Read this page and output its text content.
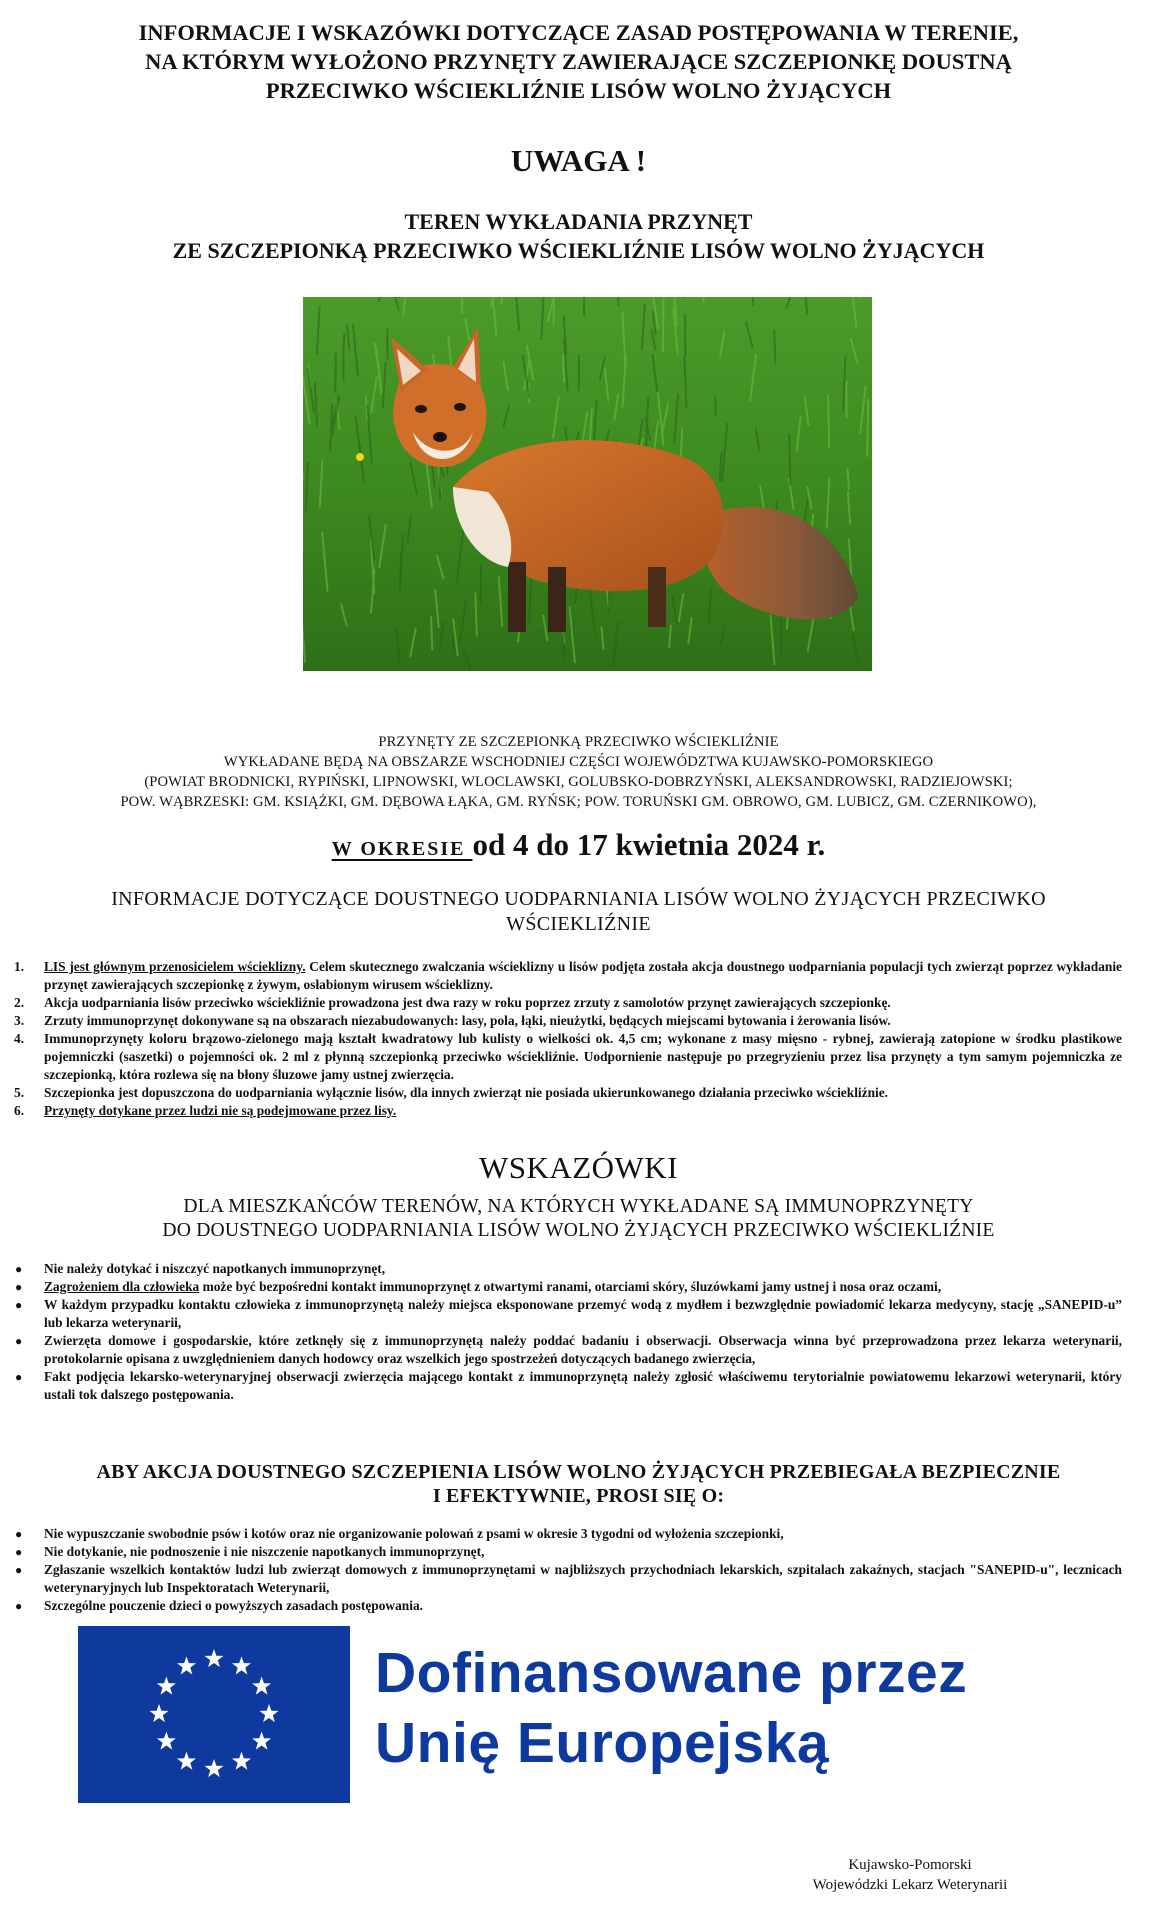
INFORMACJE I WSKAZÓWKI DOTYCZĄCE ZASAD POSTĘPOWANIA W TERENIE,
NA KTÓRYM WYŁOŻONO PRZYNĘTY ZAWIERAJĄCE SZCZEPIONKĘ DOUSTNĄ
PRZECIWKO WŚCIEKLIŹNIE LISÓW WOLNO ŻYJĄCYCH
UWAGA !
TEREN WYKŁADANIA PRZYNĘT
ZE SZCZEPIONKĄ PRZECIWKO WŚCIEKLIŹNIE LISÓW WOLNO ŻYJĄCYCH
PRZYNĘTY ZE SZCZEPIONKĄ PRZECIWKO WŚCIEKLIŹNIE
WYKŁADANE BĘDĄ NA OBSZARZE WSCHODNIEJ CZĘŚCI WOJEWÓDZTWA KUJAWSKO-POMORSKIEGO
(POWIAT BRODNICKI, RYPIŃSKI, LIPNOWSKI, WLOCLAWSKI, GOLUBSKO-DOBRZYŃSKI, ALEKSANDROWSKI, RADZIEJOWSKI;
POW. WĄBRZESKI: GM. KSIĄŻKI, GM. DĘBOWA ŁĄKA, GM. RYŃSK; POW. TORUŃSKI GM. OBROWO, GM. LUBICZ, GM. CZERNIKOWO),
W OKRESIE od 4 do 17 kwietnia 2024 r.
INFORMACJE DOTYCZĄCE DOUSTNEGO UODPARNIANIA LISÓW WOLNO ŻYJĄCYCH PRZECIWKO
WŚCIEKLIŹNIE
1. LIS jest głównym przenosicielem wścieklizny. Celem skutecznego zwalczania wścieklizny u lisów podjęta została akcja doustnego uodparniania populacji tych zwierząt poprzez wykładanie przynęt zawierających szczepionkę z żywym, osłabionym wirusem wścieklizny.
2. Akcja uodparniania lisów przeciwko wściekliźnie prowadzona jest dwa razy w roku poprzez zrzuty z samolotów przynęt zawierających szczepionkę.
3. Zrzuty immunoprzynęt dokonywane są na obszarach niezabudowanych: lasy, pola, łąki, nieużytki, będących miejscami bytowania i żerowania lisów.
4. Immunoprzynęty koloru brązowo-zielonego mają kształt kwadratowy lub kulisty o wielkości ok. 4,5 cm; wykonane z masy mięsno - rybnej, zawierają zatopione w środku plastikowe pojemniczki (saszetki) o pojemności ok. 2 ml z płynną szczepionką przeciwko wściekliźnie. Uodpornienie następuje po przegryzieniu przez lisa przynęty a tym samym pojemniczka ze szczepionką, która rozlewa się na błony śluzowe jamy ustnej zwierzęcia.
5. Szczepionka jest dopuszczona do uodparniania wyłącznie lisów, dla innych zwierząt nie posiada ukierunkowanego działania przeciwko wściekliźnie.
6. Przynęty dotykane przez ludzi nie są podejmowane przez lisy.
WSKAZÓWKI
DLA MIESZKAŃCÓW TERENÓW, NA KTÓRYCH WYKŁADANE SĄ IMMUNOPRZYNĘTY
DO DOUSTNEGO UODPARNIANIA LISÓW WOLNO ŻYJĄCYCH PRZECIWKO WŚCIEKLIŹNIE
● Nie należy dotykać i niszczyć napotkanych immunoprzynęt,
● Zagrożeniem dla człowieka może być bezpośredni kontakt immunoprzynęt z otwartymi ranami, otarciami skóry, śluzówkami jamy ustnej i nosa oraz oczami,
● W każdym przypadku kontaktu człowieka z immunoprzynętą należy miejsca eksponowane przemyć wodą z mydłem i bezwzględnie powiadomić lekarza medycyny, stację „SANEPID-u” lub lekarza weterynarii,
● Zwierzęta domowe i gospodarskie, które zetknęły się z immunoprzynętą należy poddać badaniu i obserwacji. Obserwacja winna być przeprowadzona przez lekarza weterynarii, protokolarnie opisana z uwzględnieniem danych hodowcy oraz wszelkich jego spostrzeżeń dotyczących badanego zwierzęcia,
● Fakt podjęcia lekarsko-weterynaryjnej obserwacji zwierzęcia mającego kontakt z immunoprzynętą należy zgłosić właściwemu terytorialnie powiatowemu lekarzowi weterynarii, który ustali tok dalszego postępowania.
ABY AKCJA DOUSTNEGO SZCZEPIENIA LISÓW WOLNO ŻYJĄCYCH PRZEBIEGAŁA BEZPIECZNIE
I EFEKTYWNIE, PROSI SIĘ O:
● Nie wypuszczanie swobodnie psów i kotów oraz nie organizowanie polowań z psami w okresie 3 tygodni od wyłożenia szczepionki,
● Nie dotykanie, nie podnoszenie i nie niszczenie napotkanych immunoprzynęt,
● Zgłaszanie wszelkich kontaktów ludzi lub zwierząt domowych z immunoprzynętami w najbliższych przychodniach lekarskich, szpitalach zakaźnych, stacjach "SANEPID-u", lecznicach weterynaryjnych lub Inspektoratach Weterynarii,
● Szczególne pouczenie dzieci o powyższych zasadach postępowania.
Dofinansowane przez
Unię Europejską
Kujawsko-Pomorski
Wojewódzki Lekarz Weterynarii
